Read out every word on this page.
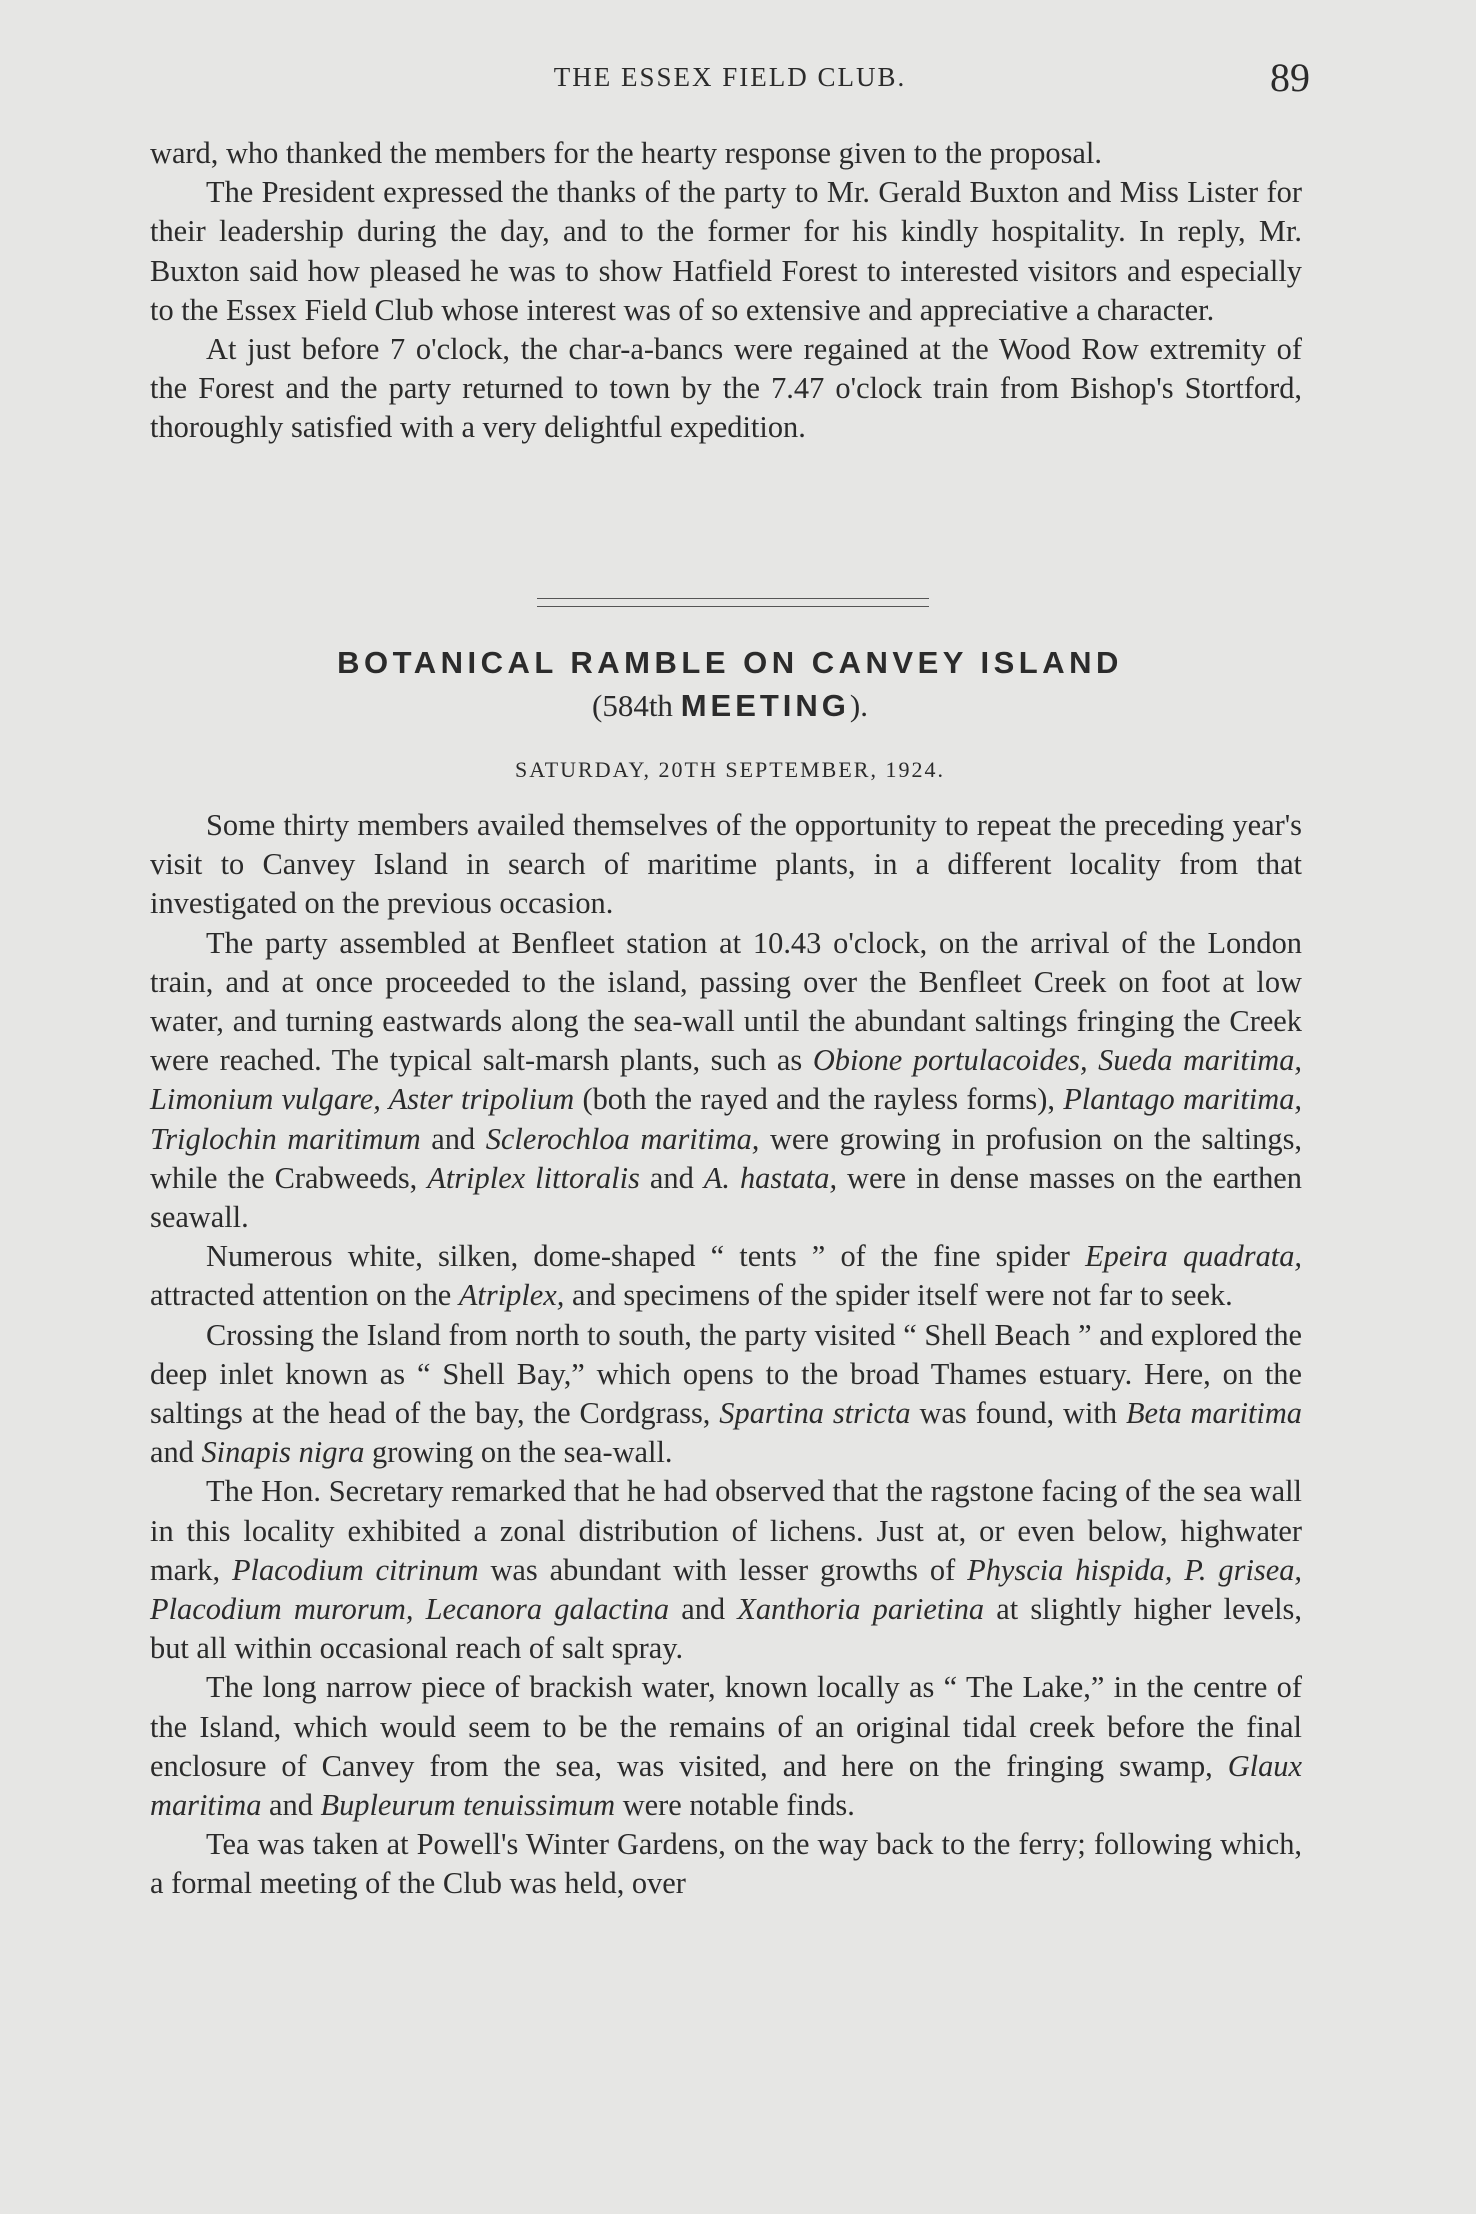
THE ESSEX FIELD CLUB.	89

ward, who thanked the members for the hearty response given to the proposal.

The President expressed the thanks of the party to Mr. Gerald Buxton and Miss Lister for their leadership during the day, and to the former for his kindly hospitality. In reply, Mr. Buxton said how pleased he was to show Hatfield Forest to interested visitors and especially to the Essex Field Club whose interest was of so extensive and appreciative a character.

At just before 7 o'clock, the char-a-bancs were regained at the Wood Row extremity of the Forest and the party returned to town by the 7.47 o'clock train from Bishop's Stortford, thoroughly satisfied with a very delightful expedition.

BOTANICAL RAMBLE ON CANVEY ISLAND
(584th MEETING).
SATURDAY, 20TH SEPTEMBER, 1924.

Some thirty members availed themselves of the opportunity to repeat the preceding year's visit to Canvey Island in search of maritime plants, in a different locality from that investigated on the previous occasion.

The party assembled at Benfleet station at 10.43 o'clock, on the arrival of the London train, and at once proceeded to the island, passing over the Benfleet Creek on foot at low water, and turning eastwards along the sea-wall until the abundant saltings fringing the Creek were reached. The typical salt-marsh plants, such as Obione portulacoides, Sueda maritima, Limonium vulgare, Aster tripolium (both the rayed and the rayless forms), Plantago maritima, Triglochin maritimum and Sclerochloa maritima, were growing in profusion on the saltings, while the Crabweeds, Atriplex littoralis and A. hastata, were in dense masses on the earthen seawall.

Numerous white, silken, dome-shaped “ tents ” of the fine spider Epeira quadrata, attracted attention on the Atriplex, and specimens of the spider itself were not far to seek.

Crossing the Island from north to south, the party visited “ Shell Beach ” and explored the deep inlet known as “ Shell Bay,” which opens to the broad Thames estuary. Here, on the saltings at the head of the bay, the Cordgrass, Spartina stricta was found, with Beta maritima and Sinapis nigra growing on the sea-wall.

The Hon. Secretary remarked that he had observed that the ragstone facing of the sea wall in this locality exhibited a zonal distribution of lichens. Just at, or even below, highwater mark, Placodium citrinum was abundant with lesser growths of Physcia hispida, P. grisea, Placodium murorum, Lecanora galactina and Xanthoria parietina at slightly higher levels, but all within occasional reach of salt spray.

The long narrow piece of brackish water, known locally as “ The Lake,” in the centre of the Island, which would seem to be the remains of an original tidal creek before the final enclosure of Canvey from the sea, was visited, and here on the fringing swamp, Glaux maritima and Bupleurum tenuissimum were notable finds.

Tea was taken at Powell's Winter Gardens, on the way back to the ferry; following which, a formal meeting of the Club was held, over
